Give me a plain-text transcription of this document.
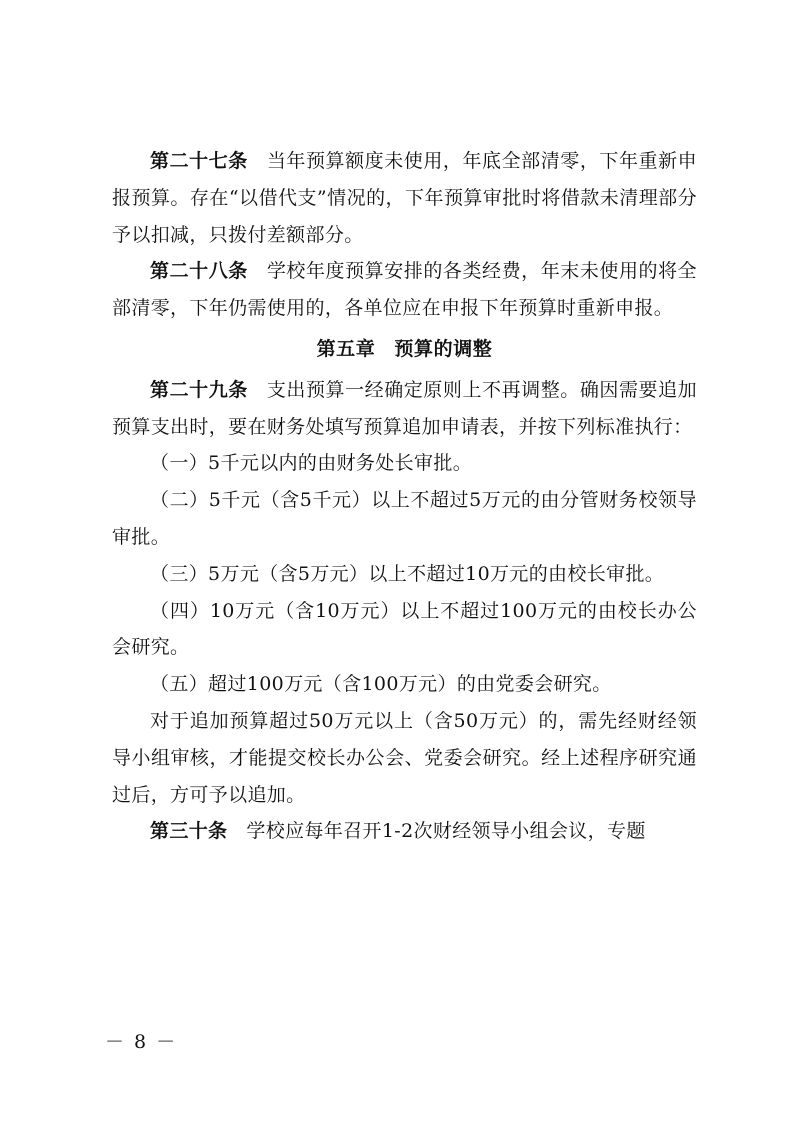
第二十七条 当年预算额度未使用，年底全部清零，下年重新申报预算。存在“以借代支”情况的，下年预算审批时将借款未清理部分予以扣减，只拨付差额部分。

第二十八条 学校年度预算安排的各类经费，年末未使用的将全部清零，下年仍需使用的，各单位应在申报下年预算时重新申报。

第五章 预算的调整

第二十九条 支出预算一经确定原则上不再调整。确因需要追加预算支出时，要在财务处填写预算追加申请表，并按下列标准执行：

（一）5千元以内的由财务处长审批。

（二）5千元（含5千元）以上不超过5万元的由分管财务校领导审批。

（三）5万元（含5万元）以上不超过10万元的由校长审批。

（四）10万元（含10万元）以上不超过100万元的由校长办公会研究。

（五）超过100万元（含100万元）的由党委会研究。

对于追加预算超过50万元以上（含50万元）的，需先经财经领导小组审核，才能提交校长办公会、党委会研究。经上述程序研究通过后，方可予以追加。

第三十条 学校应每年召开1-2次财经领导小组会议，专题

－ 8 －
